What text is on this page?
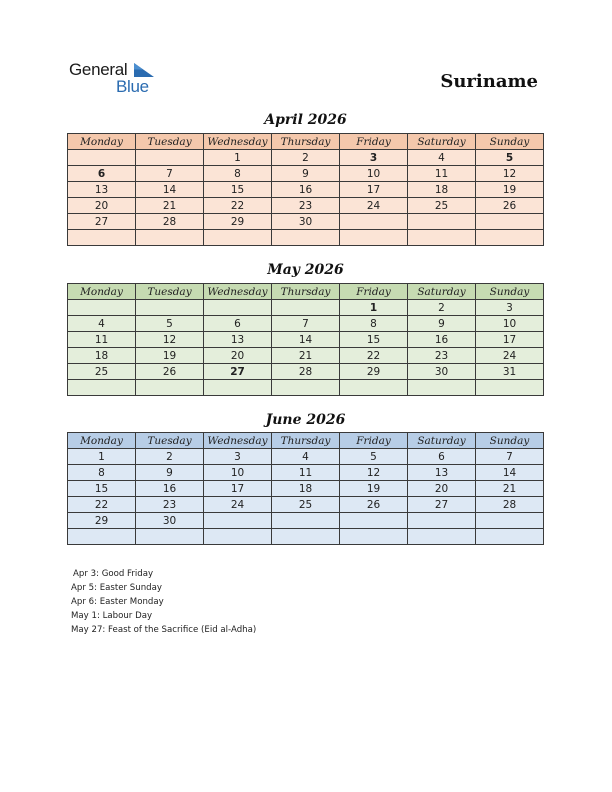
General
Blue	Suriname
April 2026
Monday	Tuesday	Wednesday	Thursday	Friday	Saturday	Sunday
		1	2	3	4	5
6	7	8	9	10	11	12
13	14	15	16	17	18	19
20	21	22	23	24	25	26
27	28	29	30			

May 2026
Monday	Tuesday	Wednesday	Thursday	Friday	Saturday	Sunday
				1	2	3
4	5	6	7	8	9	10
11	12	13	14	15	16	17
18	19	20	21	22	23	24
25	26	27	28	29	30	31

June 2026
Monday	Tuesday	Wednesday	Thursday	Friday	Saturday	Sunday
1	2	3	4	5	6	7
8	9	10	11	12	13	14
15	16	17	18	19	20	21
22	23	24	25	26	27	28
29	30					

Apr 3: Good Friday
Apr 5: Easter Sunday
Apr 6: Easter Monday
May 1: Labour Day
May 27: Feast of the Sacrifice (Eid al-Adha)
